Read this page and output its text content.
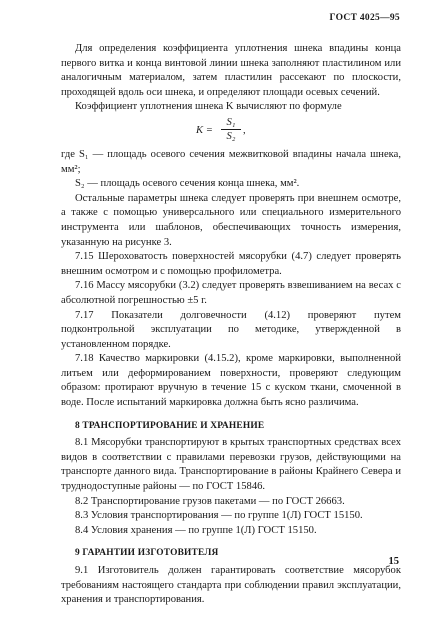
ГОСТ 4025—95

Для определения коэффициента уплотнения шнека впадины конца первого витка и конца винтовой линии шнека заполняют пластилином или аналогичным материалом, затем пластилин рассекают по плоскости, проходящей вдоль оси шнека, и определяют площади осевых сечений.

Коэффициент уплотнения шнека K вычисляют по формуле

$K = \frac{\text{S₁}}{\text{S₂}}$ ,

где S₁ — площадь осевого сечения межвитковой впадины начала шнека, мм²;

S₂ — площадь осевого сечения конца шнека, мм².

Остальные параметры шнека следует проверять при внешнем осмотре, а также с помощью универсального или специального измерительного инструмента или шаблонов, обеспечивающих точность измерения, указанную на рисунке 3.

7.15 Шероховатость поверхностей мясорубки (4.7) следует проверять внешним осмотром и с помощью профилометра.

7.16 Массу мясорубки (3.2) следует проверять взвешиванием на весах с абсолютной погрешностью ±5 г.

7.17 Показатели долговечности (4.12) проверяют путем подконтрольной эксплуатации по методике, утвержденной в установленном порядке.

7.18 Качество маркировки (4.15.2), кроме маркировки, выполненной литьем или деформированием поверхности, проверяют следующим образом: протирают вручную в течение 15 с куском ткани, смоченной в воде. После испытаний маркировка должна быть ясно различима.

8 ТРАНСПОРТИРОВАНИЕ И ХРАНЕНИЕ

8.1 Мясорубки транспортируют в крытых транспортных средствах всех видов в соответствии с правилами перевозки грузов, действующими на транспорте данного вида. Транспортирование в районы Крайнего Севера и труднодоступные районы — по ГОСТ 15846.

8.2 Транспортирование грузов пакетами — по ГОСТ 26663.

8.3 Условия транспортирования — по группе 1(Л) ГОСТ 15150.

8.4 Условия хранения — по группе 1(Л) ГОСТ 15150.

9 ГАРАНТИИ ИЗГОТОВИТЕЛЯ

9.1 Изготовитель должен гарантировать соответствие мясорубок требованиям настоящего стандарта при соблюдении правил эксплуатации, хранения и транспортирования.

15
